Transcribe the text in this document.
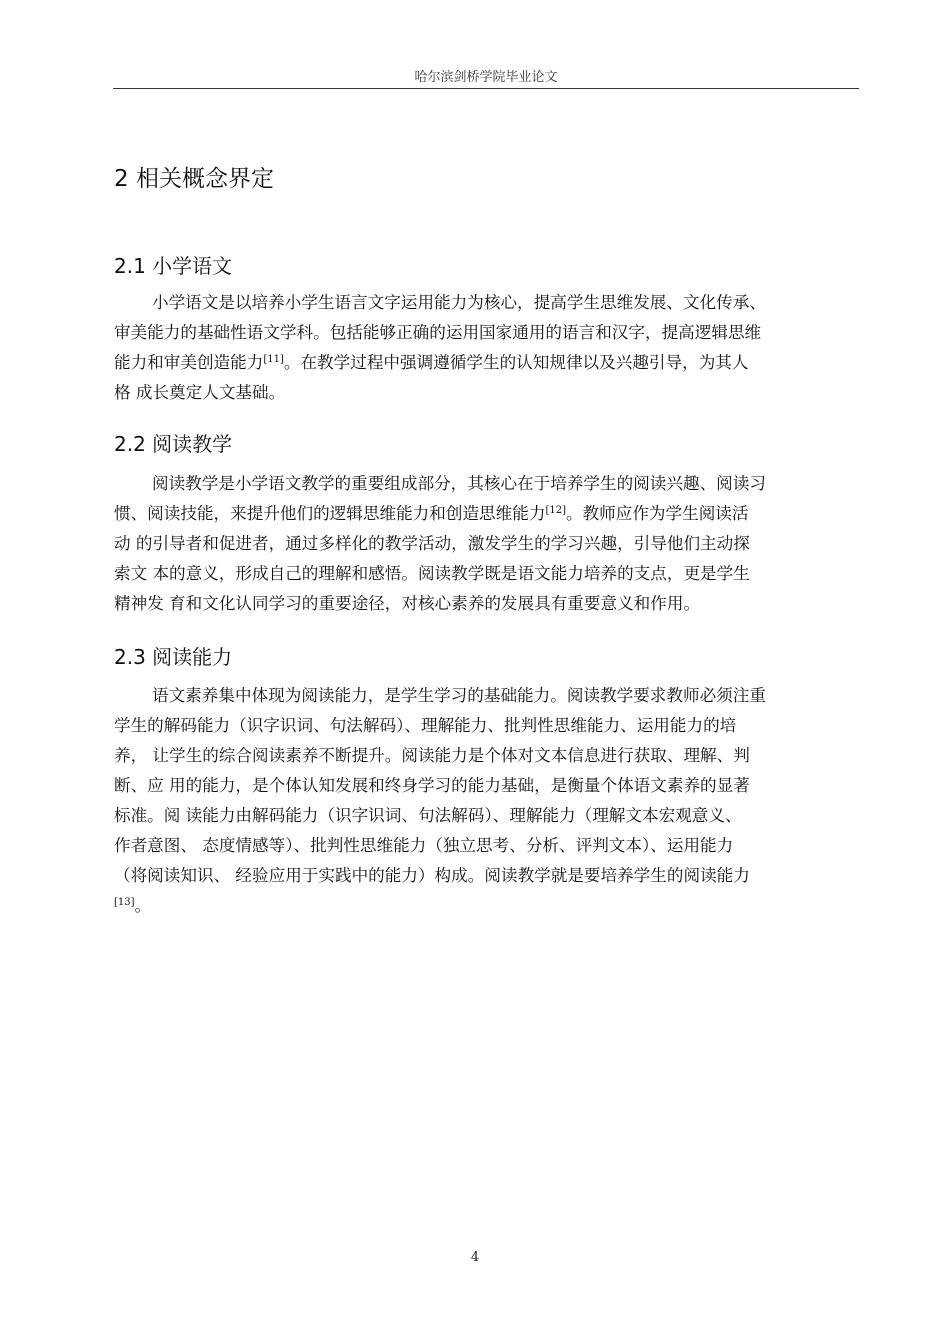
哈尔滨剑桥学院毕业论文
2 相关概念界定
2.1 小学语文
小学语文是以培养小学生语言文字运用能力为核心，提高学生思维发展、文化传承、
审美能力的基础性语文学科。包括能够正确的运用国家通用的语言和汉字，提高逻辑思维
能力和审美创造能力[11]。在教学过程中强调遵循学生的认知规律以及兴趣引导，为其人
格 成长奠定人文基础。
2.2 阅读教学
阅读教学是小学语文教学的重要组成部分，其核心在于培养学生的阅读兴趣、阅读习
惯、阅读技能，来提升他们的逻辑思维能力和创造思维能力[12]。教师应作为学生阅读活
动 的引导者和促进者，通过多样化的教学活动，激发学生的学习兴趣，引导他们主动探
索文 本的意义，形成自己的理解和感悟。阅读教学既是语文能力培养的支点，更是学生
精神发 育和文化认同学习的重要途径，对核心素养的发展具有重要意义和作用。
2.3 阅读能力
语文素养集中体现为阅读能力，是学生学习的基础能力。阅读教学要求教师必须注重
学生的解码能力（识字识词、句法解码）、理解能力、批判性思维能力、运用能力的培
养， 让学生的综合阅读素养不断提升。阅读能力是个体对文本信息进行获取、理解、判
断、应 用的能力，是个体认知发展和终身学习的能力基础，是衡量个体语文素养的显著
标准。阅 读能力由解码能力（识字识词、句法解码）、理解能力（理解文本宏观意义、
作者意图、 态度情感等）、批判性思维能力（独立思考、分析、评判文本）、运用能力
（将阅读知识、 经验应用于实践中的能力）构成。阅读教学就是要培养学生的阅读能力
[13]。
4
